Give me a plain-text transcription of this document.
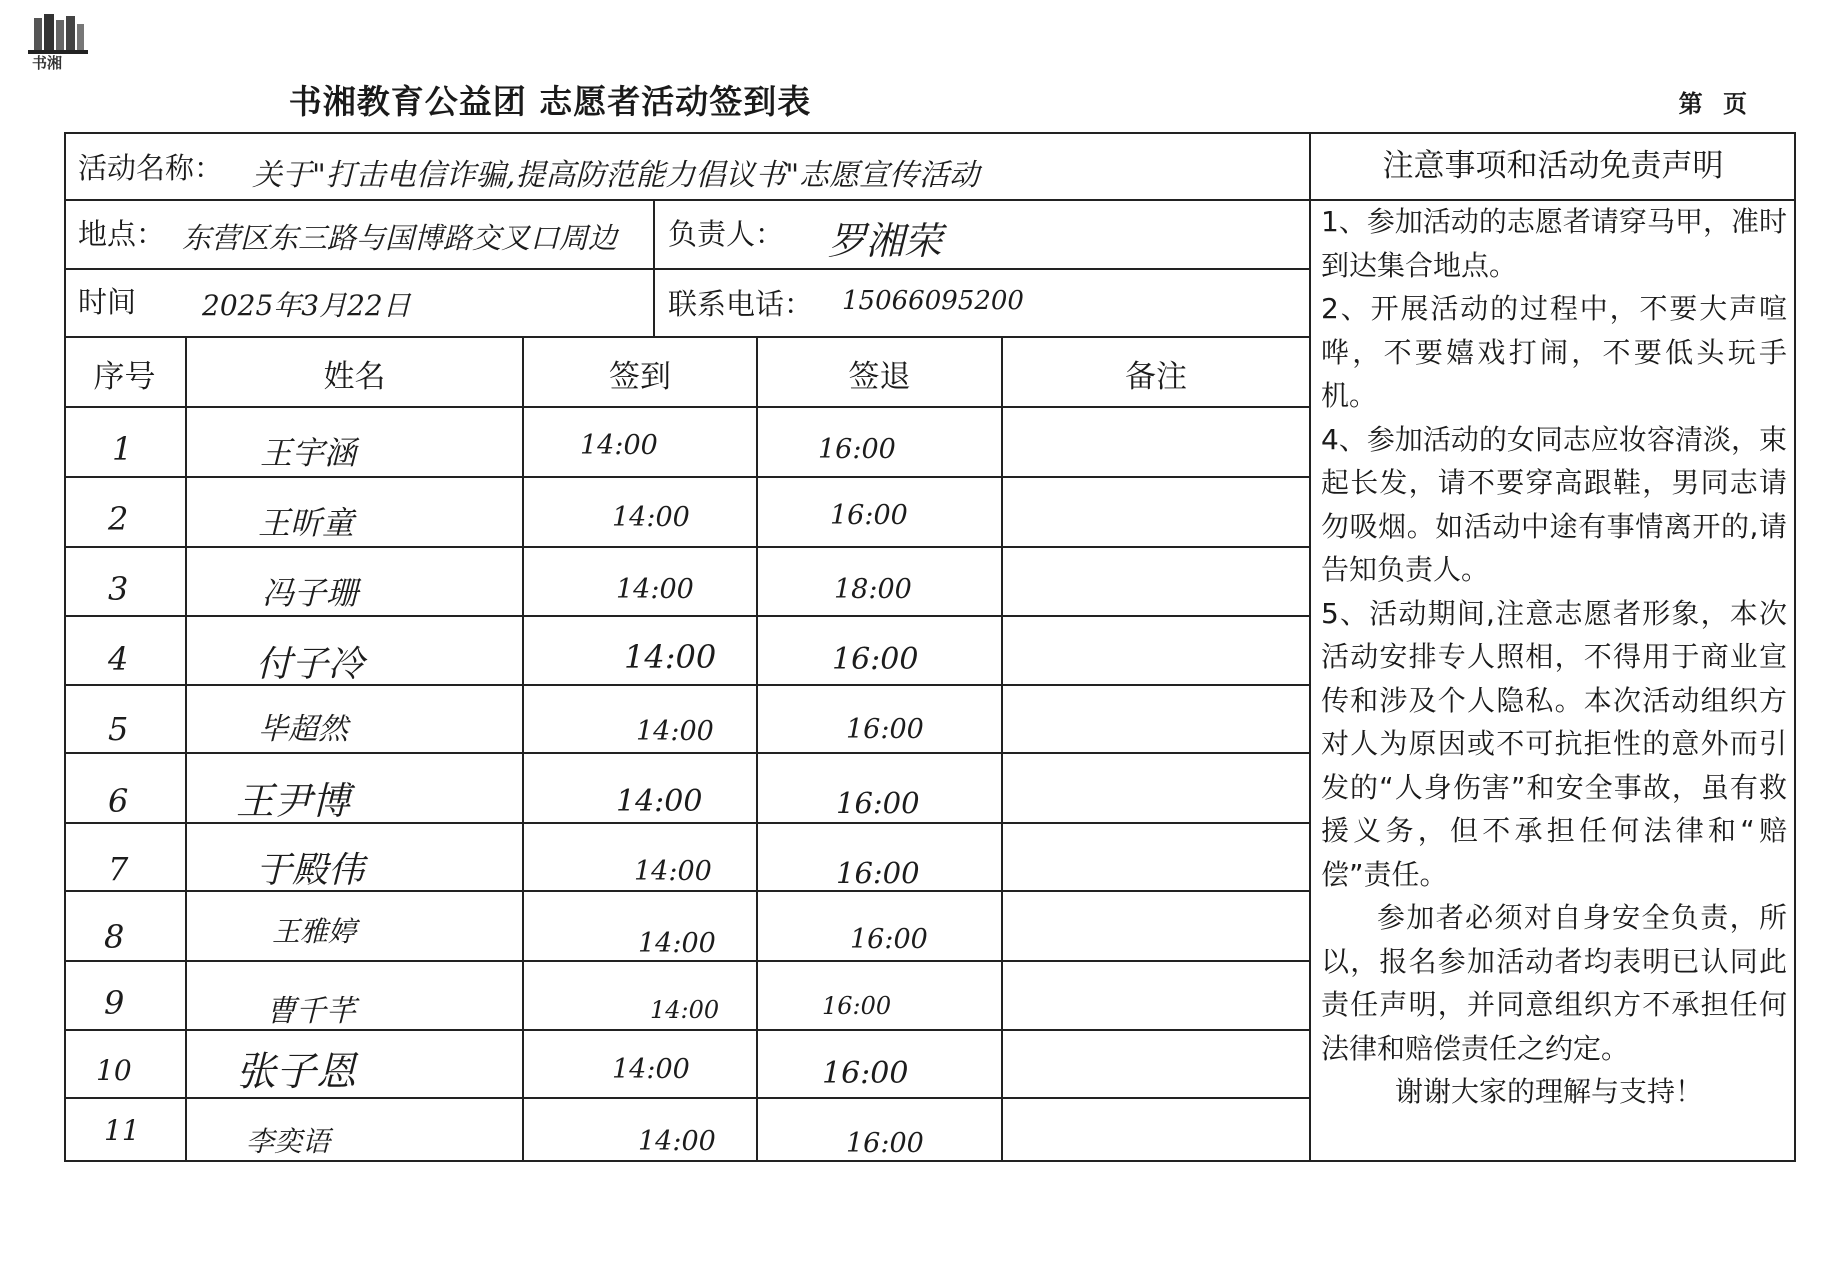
书湘
书湘教育公益团 志愿者活动签到表	第 页
活动名称： 关于"打击电信诈骗,提高防范能力倡议书"志愿宣传活动
地点： 东营区东三路与国博路交叉口周边 负责人： 罗湘荣
时间 2025年3月22日	联系电话： 15066095200
序号	姓名	签到	签退	备注
1	王宇涵	14:00	16:00
2	王昕童	14:00	16:00
3	冯子珊	14:00	18:00
4	付子冷	14:00	16:00
5	毕超然	14:00	16:00
6	王尹博	14:00	16:00
7	于殿伟	14:00	16:00
8	王雅婷	14:00	16:00
9	曹千芊	14:00	16:00
10	张子恩	14:00	16:00
11	李奕语	14:00	16:00
注意事项和活动免责声明

1、参加活动的志愿者请穿马甲，准时到达集合地点。

2、开展活动的过程中，不要大声喧哗，不要嬉戏打闹，不要低头玩手机。

4、参加活动的女同志应妆容清淡，束起长发，请不要穿高跟鞋，男同志请勿吸烟。如活动中途有事情离开的,请告知负责人。

5、活动期间,注意志愿者形象，本次活动安排专人照相，不得用于商业宣传和涉及个人隐私。本次活动组织方对人为原因或不可抗拒性的意外而引发的“人身伤害”和安全事故，虽有救援义务，但不承担任何法律和“赔偿”责任。

参加者必须对自身安全负责，所以，报名参加活动者均表明已认同此责任声明，并同意组织方不承担任何法律和赔偿责任之约定。

谢谢大家的理解与支持！
